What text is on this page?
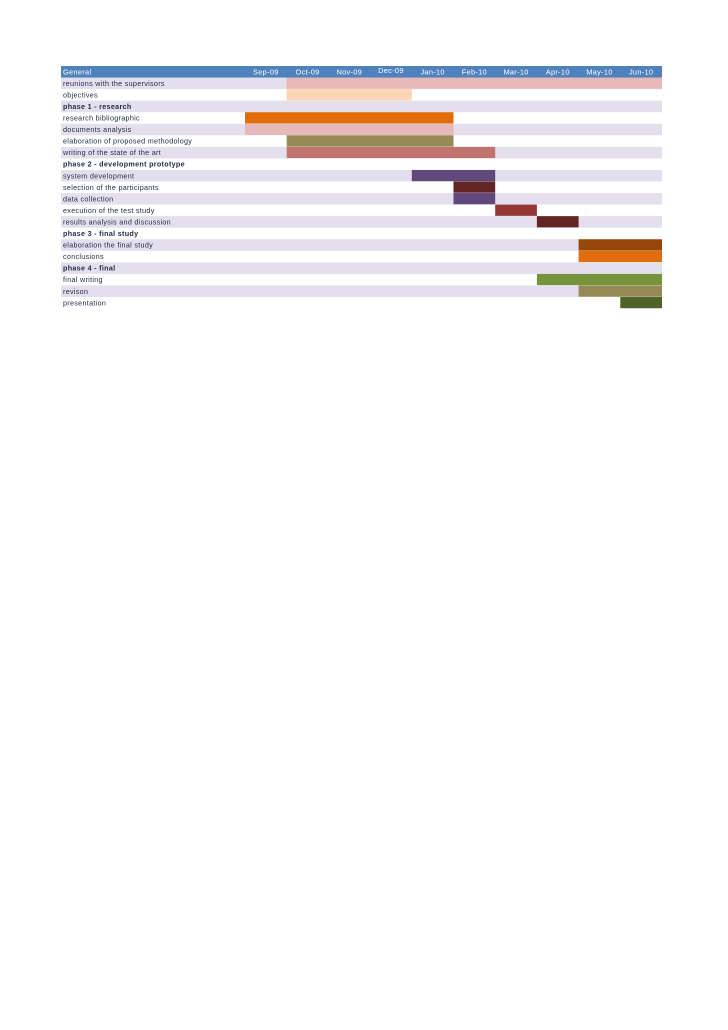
General	Sep-09 Oct-09 Nov-09 Dec-09 Jan-10 Feb-10 Mar-10 Apr-10 May-10 Jun-10
reunions with the supervisors
objectives
phase 1 - research
research bibliographic
documents analysis
elaboration of proposed methodology
writing of the state of the art
phase 2 - development prototype
system development
selection of the participants
data collection
execution of the test study
results analysis and discussion
phase 3 - final study
elaboration the final study
conclusions
phase 4 - final
final writing
revison
presentation
